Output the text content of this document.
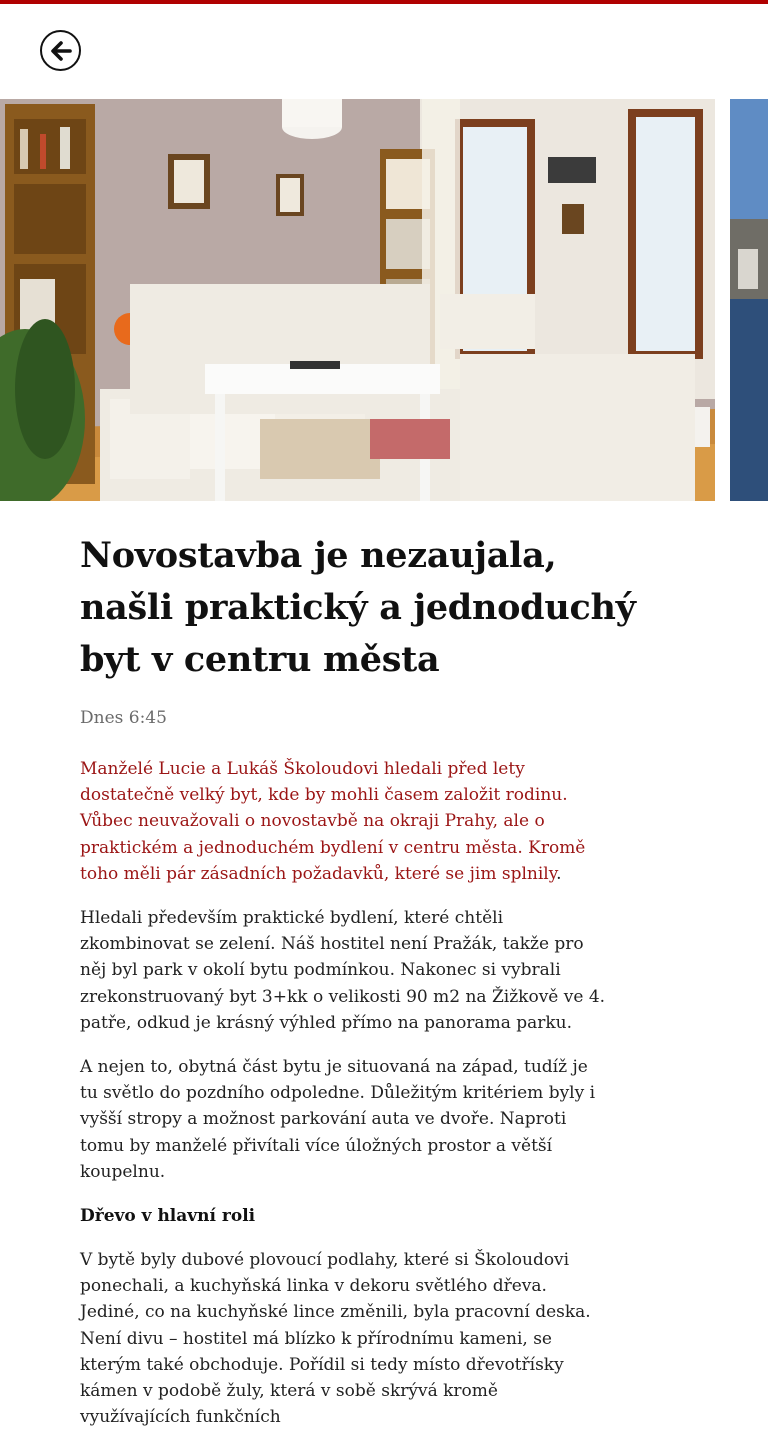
Novostavba je nezaujala, našli praktický a jednoduchý byt v centru města
Dnes 6:45

Manželé Lucie a Lukáš Školoudovi hledali před lety dostatečně velký byt, kde by mohli časem založit rodinu. Vůbec neuvažovali o novostavbě na okraji Prahy, ale o praktickém a jednoduchém bydlení v centru města. Kromě toho měli pár zásadních požadavků, které se jim splnily.

Hledali především praktické bydlení, které chtěli zkombinovat se zelení. Náš hostitel není Pražák, takže pro něj byl park v okolí bytu podmínkou. Nakonec si vybrali zrekonstruovaný byt 3+kk o velikosti 90 m2 na Žižkově ve 4. patře, odkud je krásný výhled přímo na panorama parku.

A nejen to, obytná část bytu je situovaná na západ, tudíž je tu světlo do pozdního odpoledne. Důležitým kritériem byly i vyšší stropy a možnost parkování auta ve dvoře. Naproti tomu by manželé přivítali více úložných prostor a větší koupelnu.

Dřevo v hlavní roli

V bytě byly dubové plovoucí podlahy, které si Školoudovi ponechali, a kuchyňská linka v dekoru světlého dřeva. Jediné, co na kuchyňské lince změnili, byla pracovní deska. Není divu – hostitel má blízko k přírodnímu kameni, se kterým také obchoduje. Pořídil si tedy místo dřevotřísky kámen v podobě žuly, která v sobě skrývá kromě využívajících funkčních
